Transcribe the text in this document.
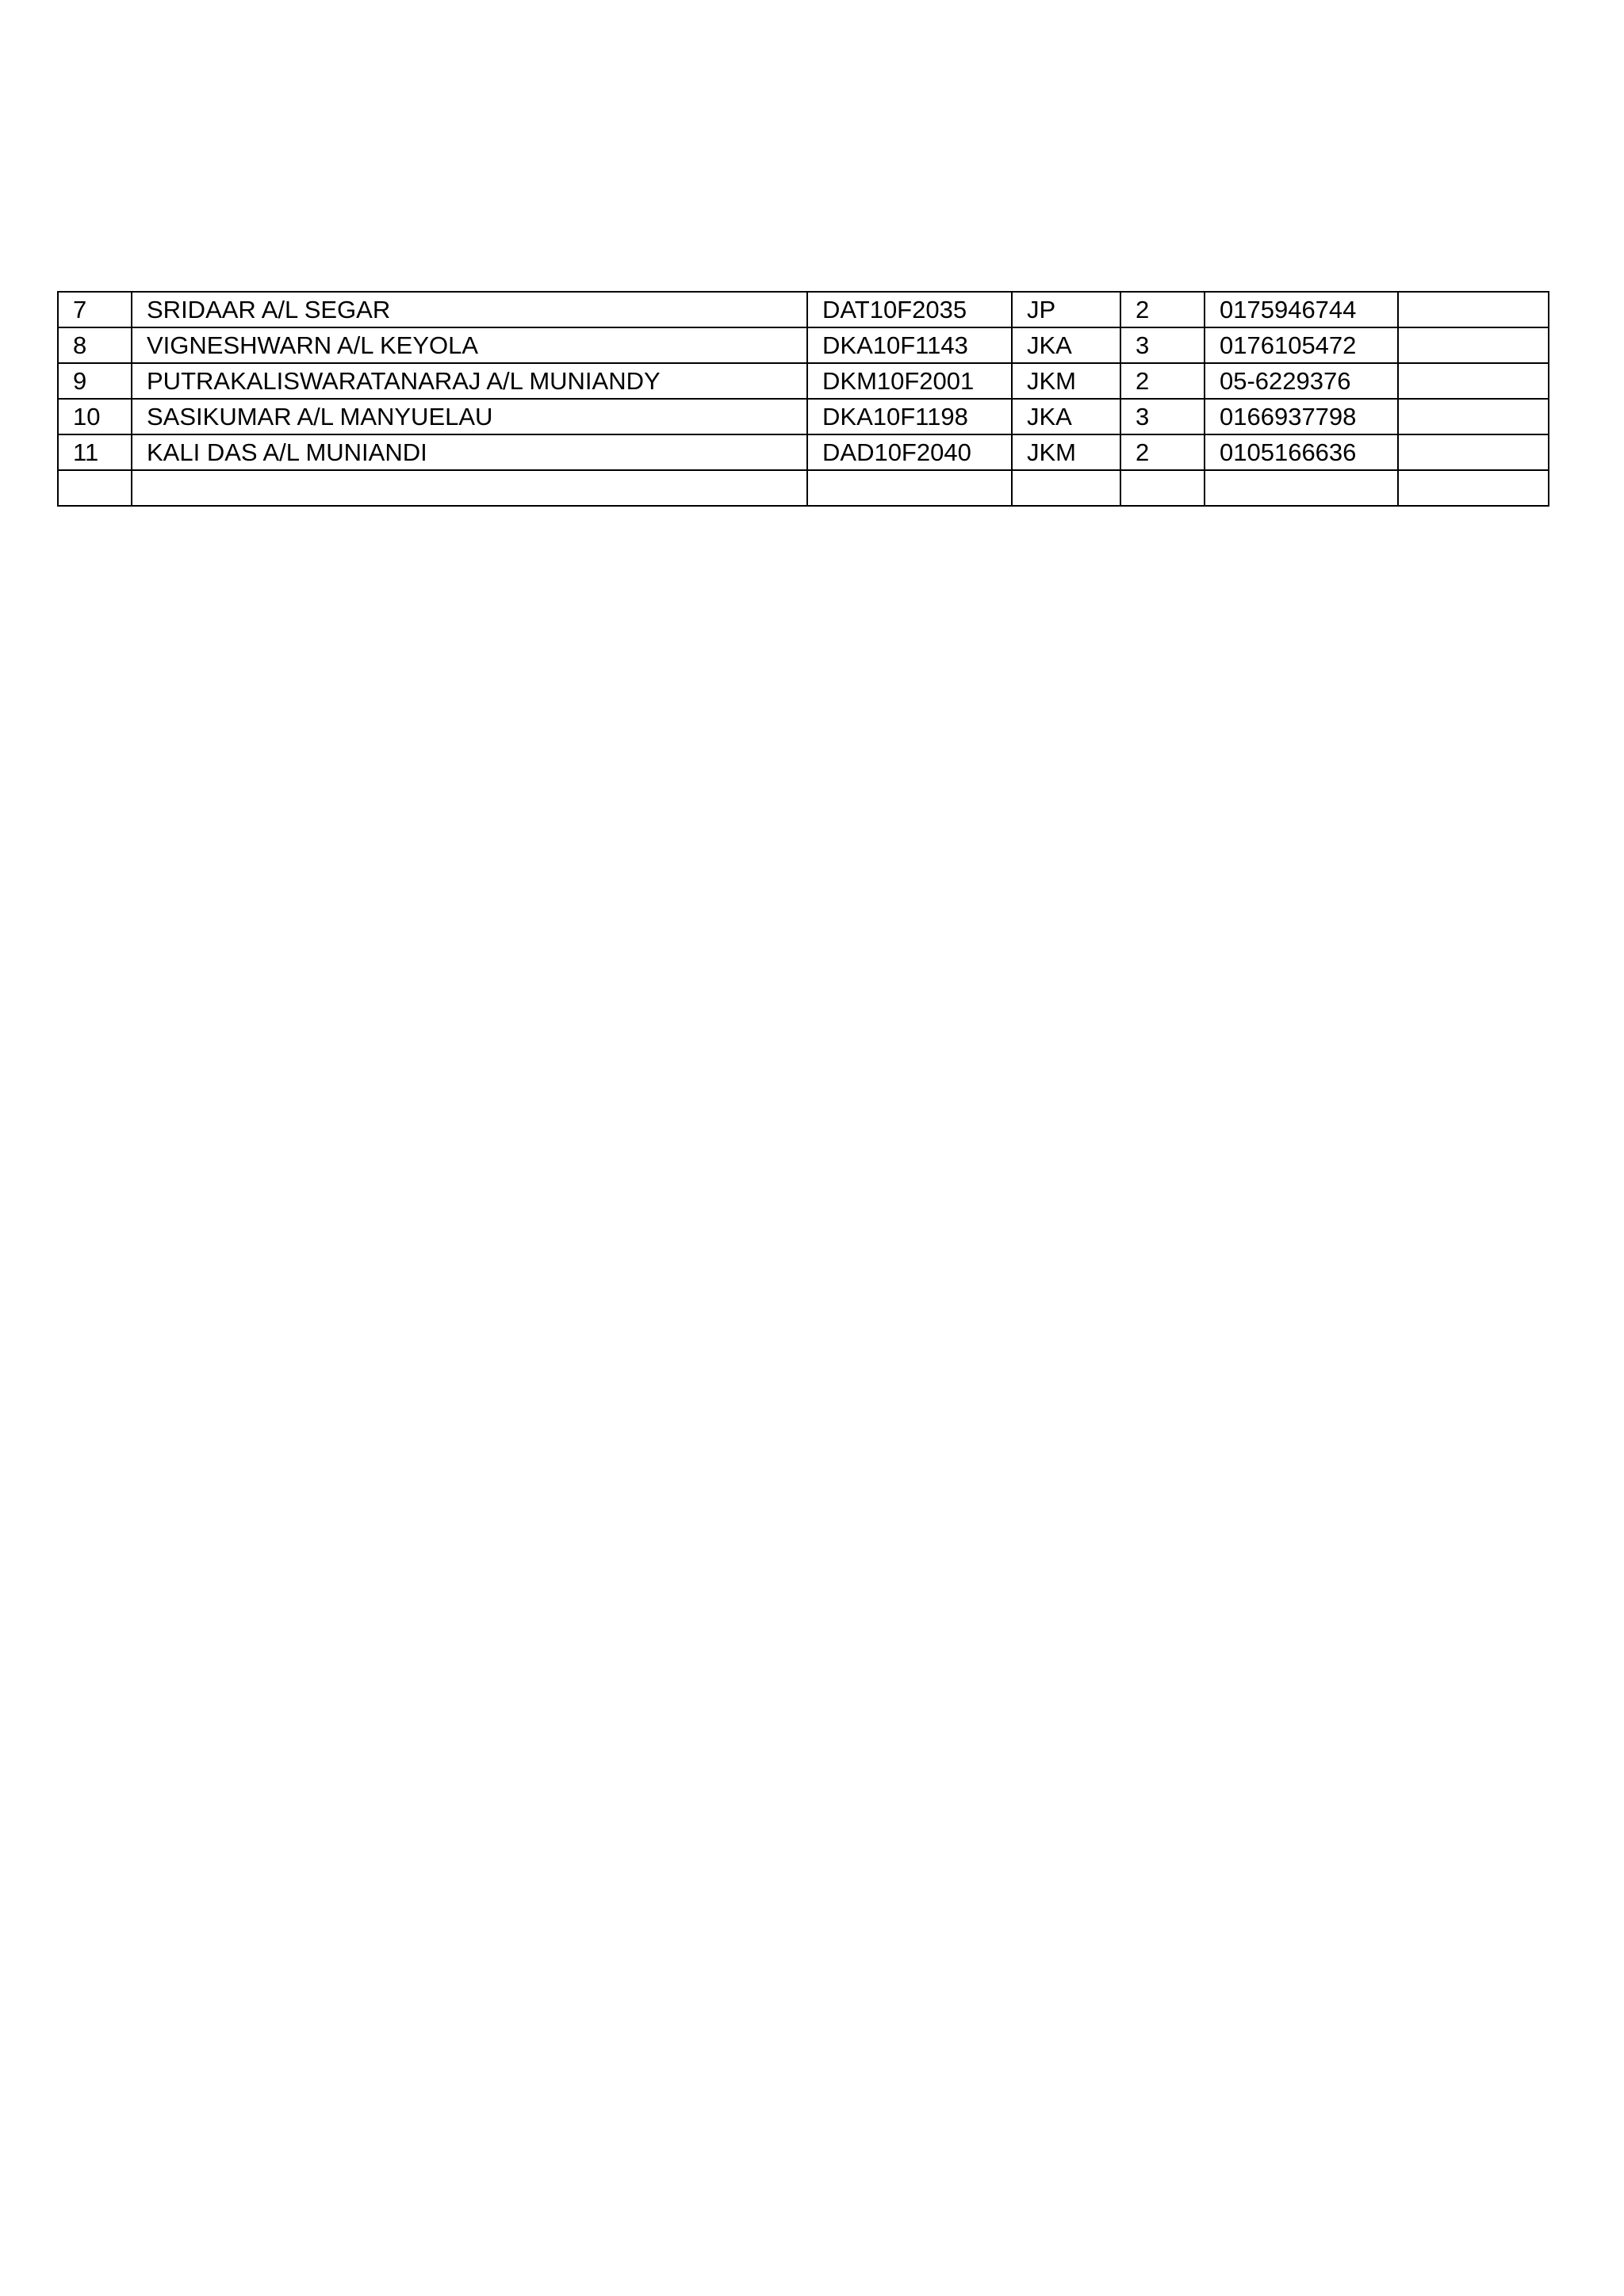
7	SRIDAAR A/L SEGAR	DAT10F2035	JP	2	0175946744	
8	VIGNESHWARN A/L KEYOLA	DKA10F1143	JKA	3	0176105472	
9	PUTRAKALISWARATANARAJ A/L MUNIANDY	DKM10F2001	JKM	2	05-6229376	
10	SASIKUMAR A/L MANYUELAU	DKA10F1198	JKA	3	0166937798	
11	KALI DAS A/L MUNIANDI	DAD10F2040	JKM	2	0105166636	
